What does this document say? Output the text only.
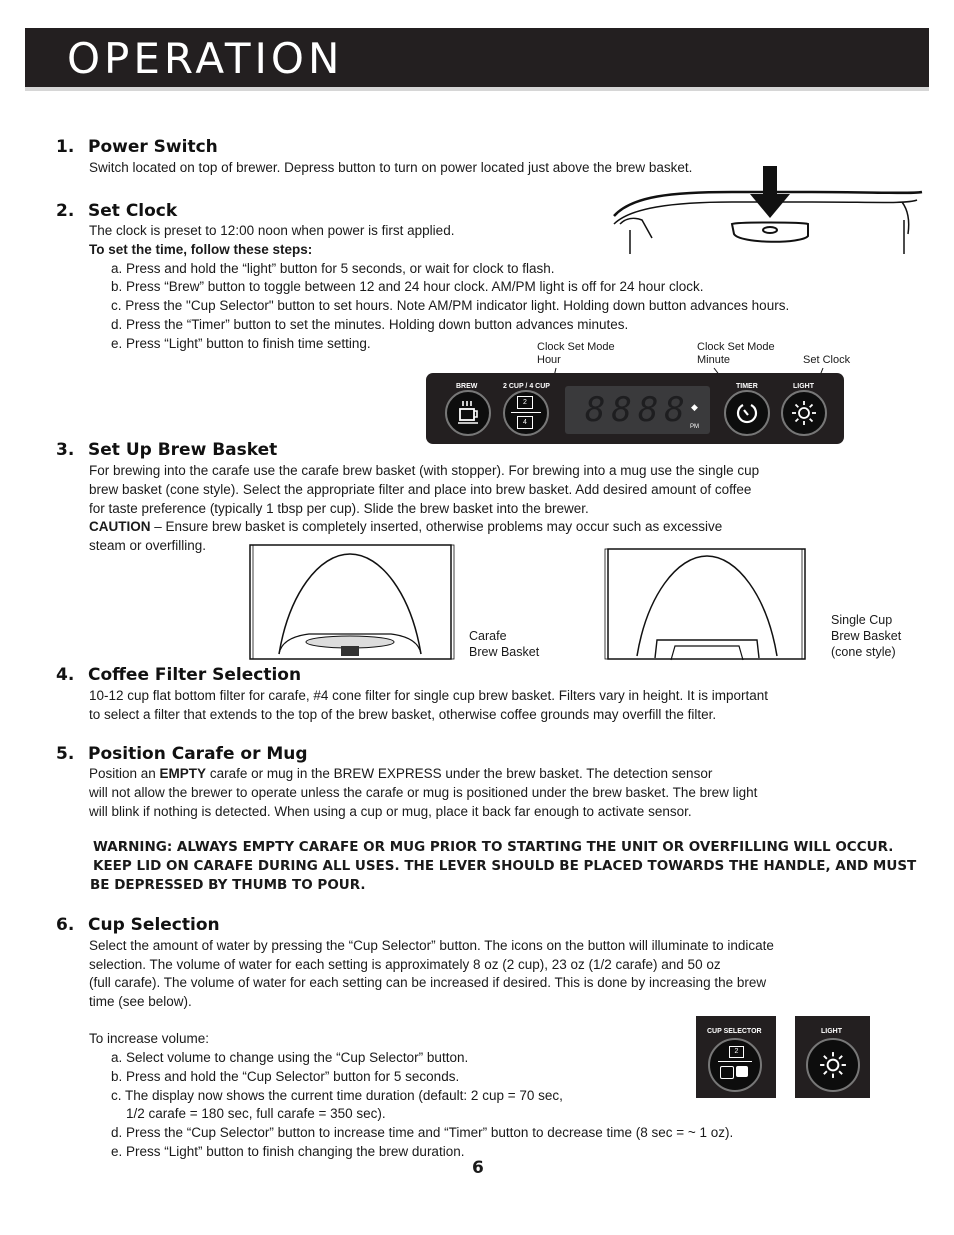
OPERATION
1. Power Switch
Switch located on top of brewer. Depress button to turn on power located just above the brew basket.
2. Set Clock
The clock is preset to 12:00 noon when power is first applied.
To set the time, follow these steps:
a. Press and hold the “light” button for 5 seconds, or wait for clock to flash.
b. Press “Brew” button to toggle between 12 and 24 hour clock. AM/PM light is off for 24 hour clock.
c. Press the "Cup Selector" button to set hours. Note AM/PM indicator light. Holding down button advances hours.
d. Press the “Timer” button to set the minutes. Holding down button advances minutes.
e. Press “Light” button to finish time setting.	Clock Set Mode
Hour
Clock Set Mode
Minute	Set Clock
BREW	2 CUP / 4 CUP	TIMER	LIGHT
2
4 8888 ◆
PM
3. Set Up Brew Basket
For brewing into the carafe use the carafe brew basket (with stopper). For brewing into a mug use the single cup
brew basket (cone style). Select the appropriate filter and place into brew basket. Add desired amount of coffee
for taste preference (typically 1 tbsp per cup). Slide the brew basket into the brewer.
CAUTION – Ensure brew basket is completely inserted, otherwise problems may occur such as excessive
steam or overfilling.
Carafe
Brew Basket
Single Cup
Brew Basket
(cone style)
4. Coffee Filter Selection
10-12 cup flat bottom filter for carafe, #4 cone filter for single cup brew basket. Filters vary in height. It is important
to select a filter that extends to the top of the brew basket, otherwise coffee grounds may overfill the filter.
5. Position Carafe or Mug
Position an EMPTY carafe or mug in the BREW EXPRESS under the brew basket. The detection sensor
will not allow the brewer to operate unless the carafe or mug is positioned under the brew basket. The brew light
will blink if nothing is detected. When using a cup or mug, place it back far enough to activate sensor.
WARNING: ALWAYS EMPTY CARAFE OR MUG PRIOR TO STARTING THE UNIT OR OVERFILLING WILL OCCUR.
KEEP LID ON CARAFE DURING ALL USES. THE LEVER SHOULD BE PLACED TOWARDS THE HANDLE, AND MUST
BE DEPRESSED BY THUMB TO POUR.
6. Cup Selection
Select the amount of water by pressing the “Cup Selector” button. The icons on the button will illuminate to indicate
selection. The volume of water for each setting is approximately 8 oz (2 cup), 23 oz (1/2 carafe) and 50 oz
(full carafe). The volume of water for each setting can be increased if desired. This is done by increasing the brew
time (see below).
To increase volume:
a. Select volume to change using the “Cup Selector” button.
b. Press and hold the “Cup Selector” button for 5 seconds.
c. The display now shows the current time duration (default: 2 cup = 70 sec,
1/2 carafe = 180 sec, full carafe = 350 sec).
d. Press the “Cup Selector” button to increase time and “Timer” button to decrease time (8 sec = ~ 1 oz).
e. Press “Light” button to finish changing the brew duration.
CUP SELECTOR
2
LIGHT
6
